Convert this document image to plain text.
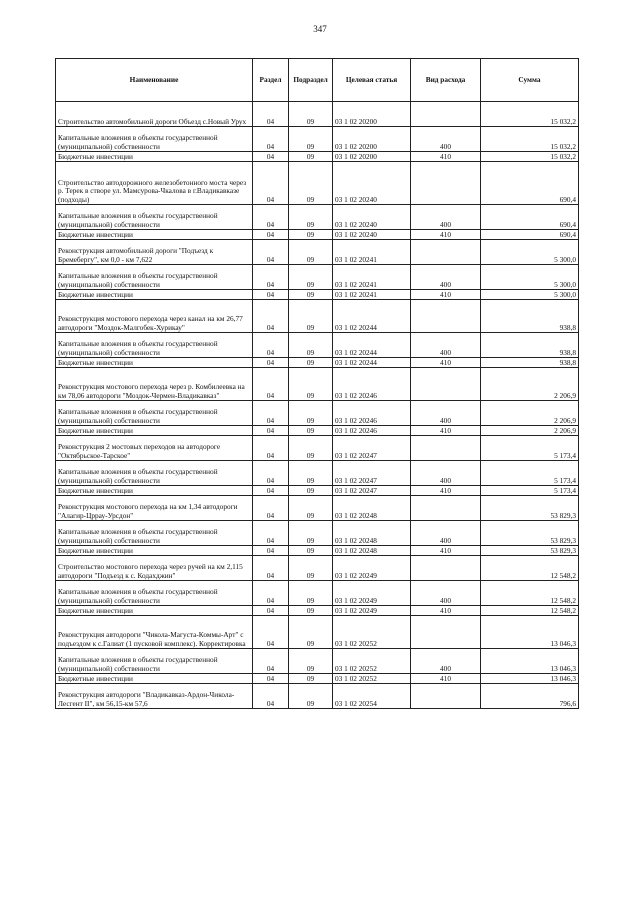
347
Наименование	Раздел	Подраздел	Целевая статья	Вид расхода	Сумма
Строительство автомобильной дороги Объезд с.Новый Урух	04	09	03 1 02 20200		15 032,2
Капитальные вложения в объекты государственной (муниципальной) собственности	04	09	03 1 02 20200	400	15 032,2
Бюджетные инвестиции	04	09	03 1 02 20200	410	15 032,2
Строительство автодорожного железобетонного моста через р. Терек в створе ул. Мамсурова-Чкалова в г.Владикавказе (подходы)	04	09	03 1 02 20240		690,4
Капитальные вложения в объекты государственной (муниципальной) собственности	04	09	03 1 02 20240	400	690,4
Бюджетные инвестиции	04	09	03 1 02 20240	410	690,4
Реконструкция автомобильной дороги "Подъезд к Бремебергу", км 0,0 - км 7,622	04	09	03 1 02 20241		5 300,0
Капитальные вложения в объекты государственной (муниципальной) собственности	04	09	03 1 02 20241	400	5 300,0
Бюджетные инвестиции	04	09	03 1 02 20241	410	5 300,0
Реконструкция мостового перехода через канал на км 26,77 автодороги "Моздок-Малгобек-Хурикау"	04	09	03 1 02 20244		938,8
Капитальные вложения в объекты государственной (муниципальной) собственности	04	09	03 1 02 20244	400	938,8
Бюджетные инвестиции	04	09	03 1 02 20244	410	938,8
Реконструкция мостового перехода через р. Комбилеевка на км 78,06 автодороги "Моздок-Чермен-Владикавказ"	04	09	03 1 02 20246		2 206,9
Капитальные вложения в объекты государственной (муниципальной) собственности	04	09	03 1 02 20246	400	2 206,9
Бюджетные инвестиции	04	09	03 1 02 20246	410	2 206,9
Реконструкция 2 мостовых переходов на автодороге "Октябрьское-Тарское"	04	09	03 1 02 20247		5 173,4
Капитальные вложения в объекты государственной (муниципальной) собственности	04	09	03 1 02 20247	400	5 173,4
Бюджетные инвестиции	04	09	03 1 02 20247	410	5 173,4
Реконструкция мостового перехода на км 1,34 автодороги "Алагир-Цррау-Урсдон"	04	09	03 1 02 20248		53 829,3
Капитальные вложения в объекты государственной (муниципальной) собственности	04	09	03 1 02 20248	400	53 829,3
Бюджетные инвестиции	04	09	03 1 02 20248	410	53 829,3
Строительство мостового перехода через ручей на км 2,115 автодороги "Подъезд к с. Кодахджин"	04	09	03 1 02 20249		12 548,2
Капитальные вложения в объекты государственной (муниципальной) собственности	04	09	03 1 02 20249	400	12 548,2
Бюджетные инвестиции	04	09	03 1 02 20249	410	12 548,2
Реконструкция автодороги "Чикола-Магуста-Коммы-Арт" с подъездом к с.Галиат (1 пусковой комплекс). Корректировка	04	09	03 1 02 20252		13 046,3
Капитальные вложения в объекты государственной (муниципальной) собственности	04	09	03 1 02 20252	400	13 046,3
Бюджетные инвестиции	04	09	03 1 02 20252	410	13 046,3
Реконструкция автодороги "Владикавказ-Ардон-Чикола-Лесгент II", км 56,15-км 57,6	04	09	03 1 02 20254		796,6
